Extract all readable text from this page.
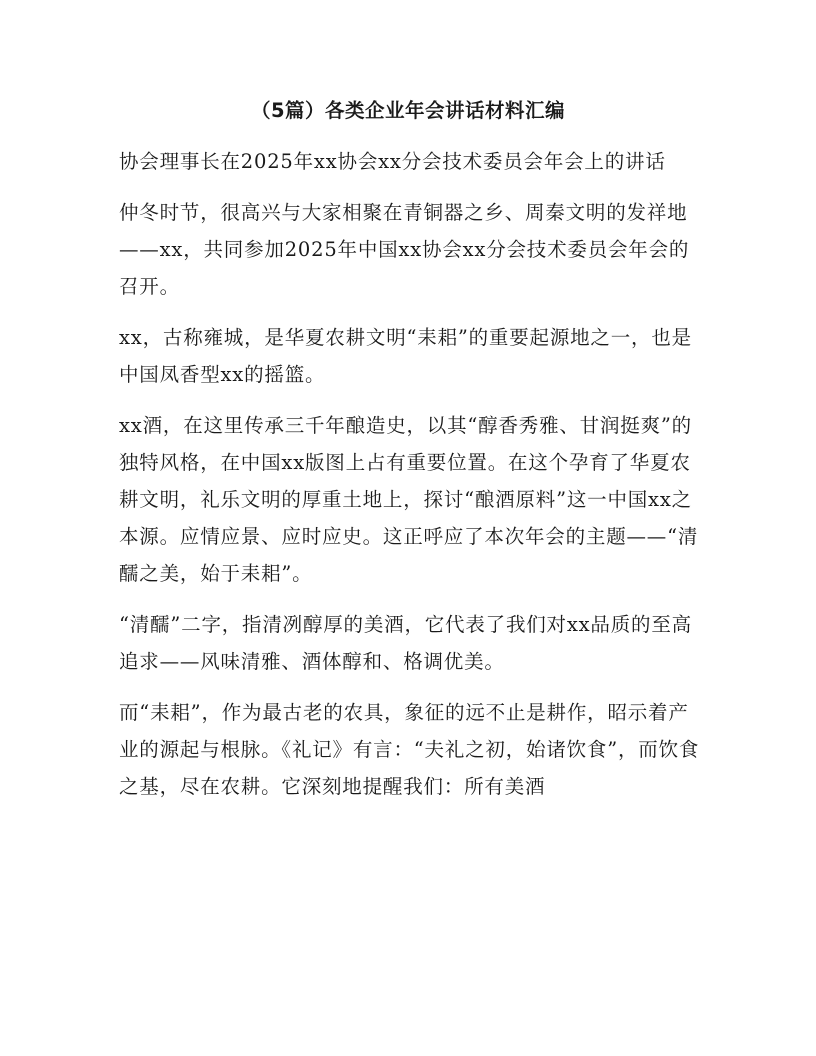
（5篇）各类企业年会讲话材料汇编

协会理事长在2025年xx协会xx分会技术委员会年会上的讲话

仲冬时节，很高兴与大家相聚在青铜器之乡、周秦文明的发祥地——xx，共同参加2025年中国xx协会xx分会技术委员会年会的召开。

xx，古称雍城，是华夏农耕文明“耒耜”的重要起源地之一，也是中国凤香型xx的摇篮。

xx酒，在这里传承三千年酿造史，以其“醇香秀雅、甘润挺爽”的独特风格，在中国xx版图上占有重要位置。在这个孕育了华夏农耕文明，礼乐文明的厚重土地上，探讨“酿酒原料”这一中国xx之本源。应情应景、应时应史。这正呼应了本次年会的主题——“清醹之美，始于耒耜”。

“清醹”二字，指清冽醇厚的美酒，它代表了我们对xx品质的至高追求——风味清雅、酒体醇和、格调优美。

而“耒耜”，作为最古老的农具，象征的远不止是耕作，昭示着产业的源起与根脉。《礼记》有言：“夫礼之初，始诸饮食”，而饮食之基，尽在农耕。它深刻地提醒我们：所有美酒
